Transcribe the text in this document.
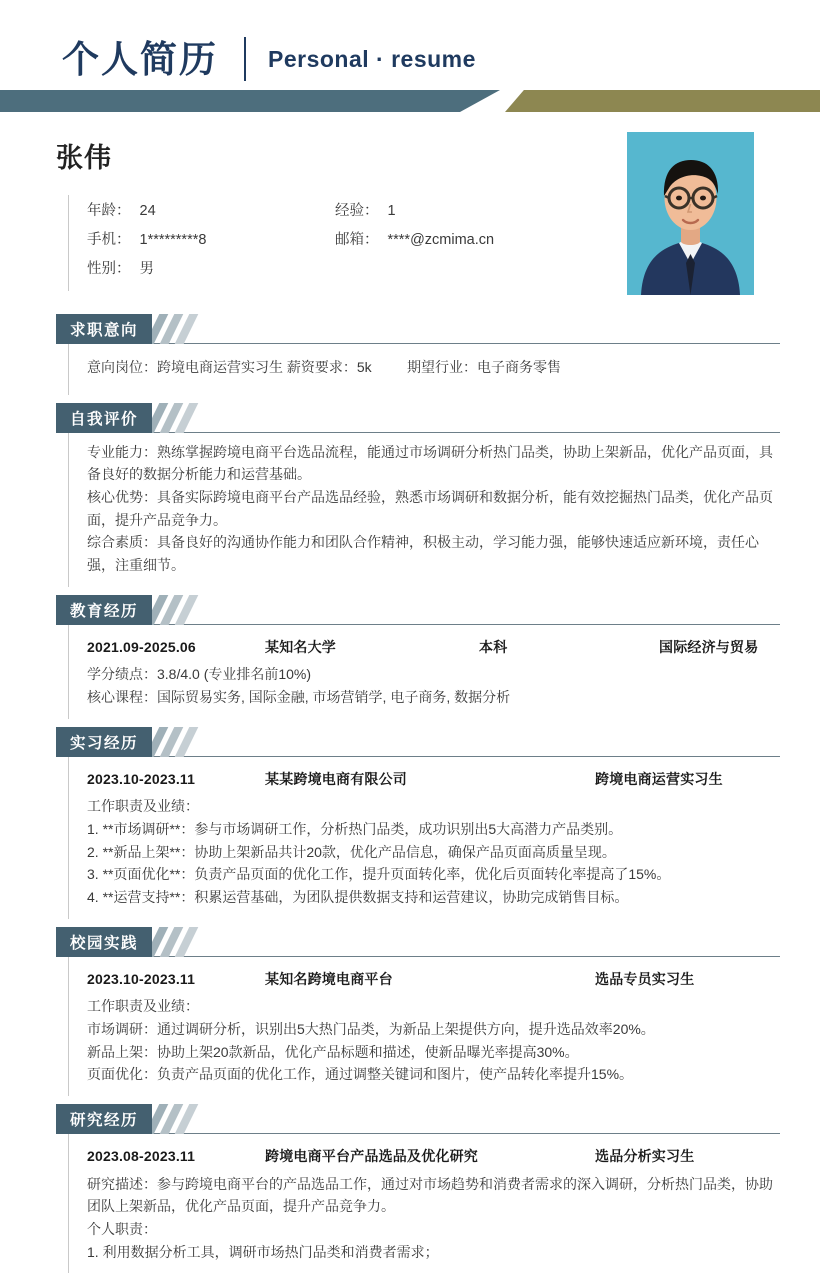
个人简历 Personal · resume
张伟
年龄： 24	经验： 1
手机： 1*********8	邮箱： ****@zcmima.cn
性别： 男
求职意向
意向岗位：跨境电商运营实习生 薪资要求：5k	期望行业：电子商务零售
自我评价

专业能力：熟练掌握跨境电商平台选品流程，能通过市场调研分析热门品类，协助上架新品，优化产品页面，具备良好的数据分析能力和运营基础。

核心优势：具备实际跨境电商平台产品选品经验，熟悉市场调研和数据分析，能有效挖掘热门品类，优化产品页面，提升产品竞争力。

综合素质：具备良好的沟通协作能力和团队合作精神，积极主动，学习能力强，能够快速适应新环境，责任心强，注重细节。

教育经历
2021.09-2025.06	某知名大学	本科	国际经济与贸易

学分绩点：3.8/4.0 (专业排名前10%)

核心课程：国际贸易实务, 国际金融, 市场营销学, 电子商务, 数据分析

实习经历
2023.10-2023.11	某某跨境电商有限公司	跨境电商运营实习生

工作职责及业绩：

1. **市场调研**：参与市场调研工作，分析热门品类，成功识别出5大高潜力产品类别。

2. **新品上架**：协助上架新品共计20款，优化产品信息，确保产品页面高质量呈现。

3. **页面优化**：负责产品页面的优化工作，提升页面转化率，优化后页面转化率提高了15%。

4. **运营支持**：积累运营基础，为团队提供数据支持和运营建议，协助完成销售目标。

校园实践
2023.10-2023.11	某知名跨境电商平台	选品专员实习生

工作职责及业绩：

市场调研：通过调研分析，识别出5大热门品类，为新品上架提供方向，提升选品效率20%。

新品上架：协助上架20款新品，优化产品标题和描述，使新品曝光率提高30%。

页面优化：负责产品页面的优化工作，通过调整关键词和图片，使产品转化率提升15%。

研究经历
2023.08-2023.11	跨境电商平台产品选品及优化研究	选品分析实习生

研究描述：参与跨境电商平台的产品选品工作，通过对市场趋势和消费者需求的深入调研，分析热门品类，协助团队上架新品，优化产品页面，提升产品竞争力。

个人职责：

1. 利用数据分析工具，调研市场热门品类和消费者需求；
